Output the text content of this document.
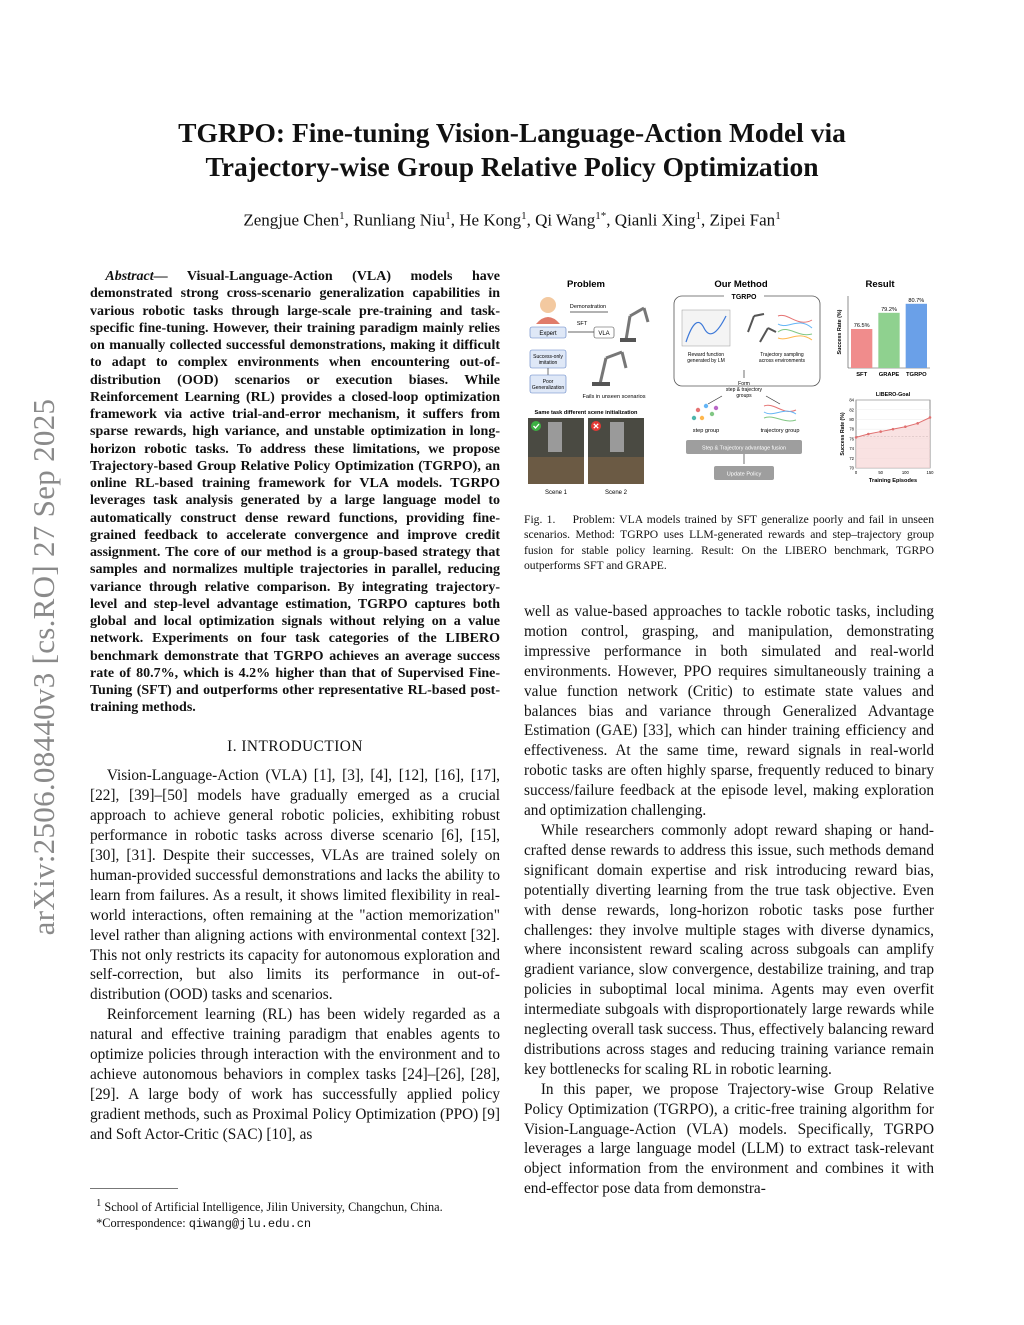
arXiv:2506.08440v3 [cs.RO] 27 Sep 2025
TGRPO: Fine-tuning Vision-Language-Action Model via
Trajectory-wise Group Relative Policy Optimization
Zengjue Chen$^1$, Runliang Niu$^1$, He Kong$^1$, Qi Wang$^{1*}$, Qianli Xing$^1$, Zipei Fan$^1$

Abstract— Visual-Language-Action (VLA) models have demonstrated strong cross-scenario generalization capabilities in various robotic tasks through large-scale pre-training and task-specific fine-tuning. However, their training paradigm mainly relies on manually collected successful demonstrations, making it difficult to adapt to complex environments when encountering out-of-distribution (OOD) scenarios or execution biases. While Reinforcement Learning (RL) provides a closed-loop optimization framework via active trial-and-error mechanism, it suffers from sparse rewards, high variance, and unstable optimization in long-horizon robotic tasks. To address these limitations, we propose Trajectory-based Group Relative Policy Optimization (TGRPO), an online RL-based training framework for VLA models. TGRPO leverages task analysis generated by a large language model to automatically construct dense reward functions, providing fine-grained feedback to accelerate convergence and improve credit assignment. The core of our method is a group-based strategy that samples and normalizes multiple trajectories in parallel, reducing variance through relative comparison. By integrating trajectory-level and step-level advantage estimation, TGRPO captures both global and local optimization signals without relying on a value network. Experiments on four task categories of the LIBERO benchmark demonstrate that TGRPO achieves an average success rate of 80.7%, which is 4.2% higher than that of Supervised Fine-Tuning (SFT) and outperforms other representative RL-based post-training methods.

I. INTRODUCTION

Vision-Language-Action (VLA) [1], [3], [4], [12], [16], [17], [22], [39]–[50] models have gradually emerged as a crucial approach to achieve general robotic policies, exhibiting robust performance in robotic tasks across diverse scenario [6], [15], [30], [31]. Despite their successes, VLAs are trained solely on human-provided successful demonstrations and lacks the ability to learn from failures. As a result, it shows limited flexibility in real-world interactions, often remaining at the "action memorization" level rather than aligning actions with environmental context [32]. This not only restricts its capacity for autonomous exploration and self-correction, but also limits its performance in out-of-distribution (OOD) tasks and scenarios.

Reinforcement learning (RL) has been widely regarded as a natural and effective training paradigm that enables agents to optimize policies through interaction with the environment and to achieve autonomous behaviors in complex tasks [24]–[26], [28], [29]. A large body of work has successfully applied policy gradient methods, such as Proximal Policy Optimization (PPO) [9] and Soft Actor-Critic (SAC) [10], as

$^1$ School of Artificial Intelligence, Jilin University, Changchun, China.
*Correspondence: qiwang@jlu.edu.cn
Problem	Our Method	Result
Expert
Demonstration
SFT
VLA
Success-only imitation
Poor Generalization
Fails in unseen scenarios
Same task different scene initialization
Scene 1	Scene 2
TGRPO
Reward function generated by LM
Trajectory sampling across environments
Form step & trajectory groups
step group	trajectory group
Step & Trajectory advantage fusion
Update Policy
Success Rate (%) 76.5%
SFT
79.2%
GRAPE
80.7%
TGRPO
LIBERO-Goal
70
72
74
76
78
80
82
84
0	50	100	150
Success Rate (%)
Training Episodes
Fig. 1. Problem: VLA models trained by SFT generalize poorly and fail in unseen scenarios. Method: TGRPO uses LLM-generated rewards and step–trajectory group fusion for stable policy learning. Result: On the LIBERO benchmark, TGRPO outperforms SFT and GRAPE.

well as value-based approaches to tackle robotic tasks, including motion control, grasping, and manipulation, demonstrating impressive performance in both simulated and real-world environments. However, PPO requires simultaneously training a value function network (Critic) to estimate state values and balances bias and variance through Generalized Advantage Estimation (GAE) [33], which can hinder training efficiency and effectiveness. At the same time, reward signals in real-world robotic tasks are often highly sparse, frequently reduced to binary success/failure feedback at the episode level, making exploration and optimization challenging.

While researchers commonly adopt reward shaping or hand-crafted dense rewards to address this issue, such methods demand significant domain expertise and risk introducing reward bias, potentially diverting learning from the true task objective. Even with dense rewards, long-horizon robotic tasks pose further challenges: they involve multiple stages with diverse dynamics, where inconsistent reward scaling across subgoals can amplify gradient variance, slow convergence, destabilize training, and trap policies in suboptimal local minima. Agents may even overfit intermediate subgoals with disproportionately large rewards while neglecting overall task success. Thus, effectively balancing reward distributions across stages and reducing training variance remain key bottlenecks for scaling RL in robotic learning.

In this paper, we propose Trajectory-wise Group Relative Policy Optimization (TGRPO), a critic-free training algorithm for Vision-Language-Action (VLA) models. Specifically, TGRPO leverages a large language model (LLM) to extract task-relevant object information from the environment and combines it with end-effector pose data from demonstra-
